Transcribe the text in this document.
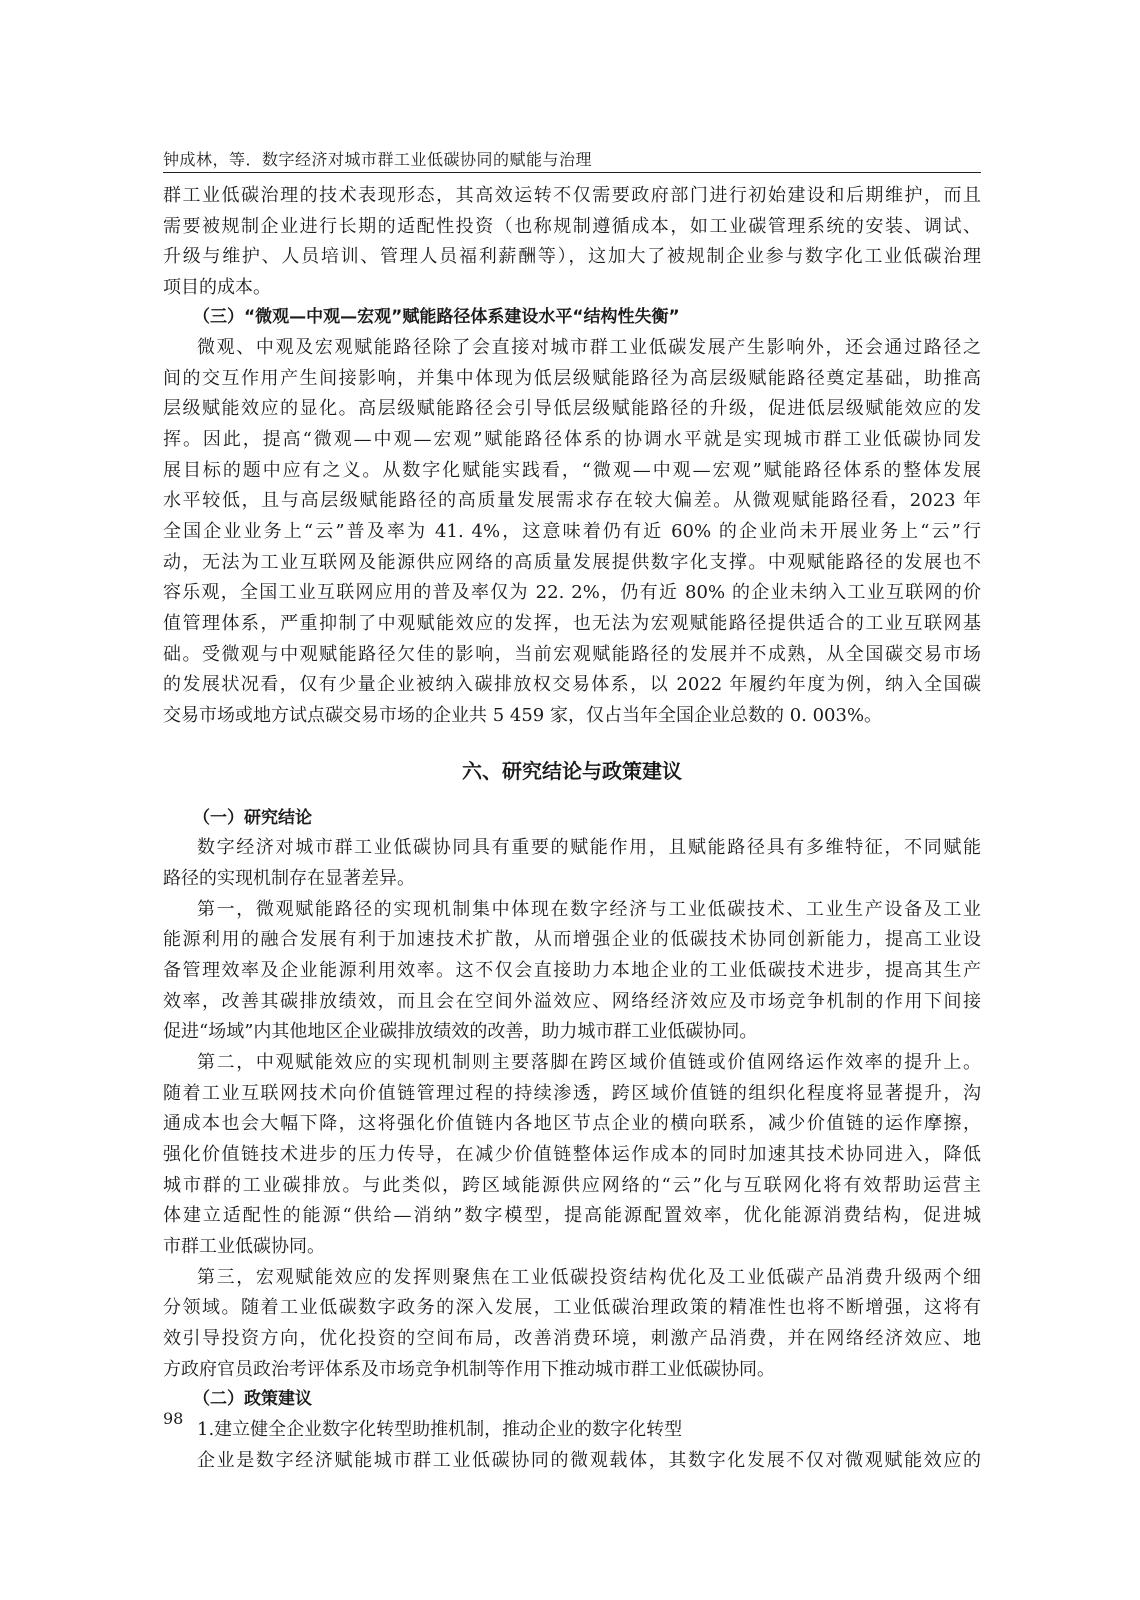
钟成林，等．数字经济对城市群工业低碳协同的赋能与治理
群工业低碳治理的技术表现形态，其高效运转不仅需要政府部门进行初始建设和后期维护，而且
需要被规制企业进行长期的适配性投资（也称规制遵循成本，如工业碳管理系统的安装、调试、
升级与维护、人员培训、管理人员福利薪酬等），这加大了被规制企业参与数字化工业低碳治理
项目的成本。
（三）“微观—中观—宏观”赋能路径体系建设水平“结构性失衡”
微观、中观及宏观赋能路径除了会直接对城市群工业低碳发展产生影响外，还会通过路径之
间的交互作用产生间接影响，并集中体现为低层级赋能路径为高层级赋能路径奠定基础，助推高
层级赋能效应的显化。高层级赋能路径会引导低层级赋能路径的升级，促进低层级赋能效应的发
挥。因此，提高“微观—中观—宏观”赋能路径体系的协调水平就是实现城市群工业低碳协同发
展目标的题中应有之义。从数字化赋能实践看，“微观—中观—宏观”赋能路径体系的整体发展
水平较低，且与高层级赋能路径的高质量发展需求存在较大偏差。从微观赋能路径看，2023 年
全国企业业务上“云”普及率为 41. 4%，这意味着仍有近 60% 的企业尚未开展业务上“云”行
动，无法为工业互联网及能源供应网络的高质量发展提供数字化支撑。中观赋能路径的发展也不
容乐观，全国工业互联网应用的普及率仅为 22. 2%，仍有近 80% 的企业未纳入工业互联网的价
值管理体系，严重抑制了中观赋能效应的发挥，也无法为宏观赋能路径提供适合的工业互联网基
础。受微观与中观赋能路径欠佳的影响，当前宏观赋能路径的发展并不成熟，从全国碳交易市场
的发展状况看，仅有少量企业被纳入碳排放权交易体系，以 2022 年履约年度为例，纳入全国碳
交易市场或地方试点碳交易市场的企业共 5 459 家，仅占当年全国企业总数的 0. 003%。
六、研究结论与政策建议
（一）研究结论
数字经济对城市群工业低碳协同具有重要的赋能作用，且赋能路径具有多维特征，不同赋能
路径的实现机制存在显著差异。
第一，微观赋能路径的实现机制集中体现在数字经济与工业低碳技术、工业生产设备及工业
能源利用的融合发展有利于加速技术扩散，从而增强企业的低碳技术协同创新能力，提高工业设
备管理效率及企业能源利用效率。这不仅会直接助力本地企业的工业低碳技术进步，提高其生产
效率，改善其碳排放绩效，而且会在空间外溢效应、网络经济效应及市场竞争机制的作用下间接
促进“场域”内其他地区企业碳排放绩效的改善，助力城市群工业低碳协同。
第二，中观赋能效应的实现机制则主要落脚在跨区域价值链或价值网络运作效率的提升上。
随着工业互联网技术向价值链管理过程的持续渗透，跨区域价值链的组织化程度将显著提升，沟
通成本也会大幅下降，这将强化价值链内各地区节点企业的横向联系，减少价值链的运作摩擦，
强化价值链技术进步的压力传导，在减少价值链整体运作成本的同时加速其技术协同进入，降低
城市群的工业碳排放。与此类似，跨区域能源供应网络的“云”化与互联网化将有效帮助运营主
体建立适配性的能源“供给—消纳”数字模型，提高能源配置效率，优化能源消费结构，促进城
市群工业低碳协同。
第三，宏观赋能效应的发挥则聚焦在工业低碳投资结构优化及工业低碳产品消费升级两个细
分领域。随着工业低碳数字政务的深入发展，工业低碳治理政策的精准性也将不断增强，这将有
效引导投资方向，优化投资的空间布局，改善消费环境，刺激产品消费，并在网络经济效应、地
方政府官员政治考评体系及市场竞争机制等作用下推动城市群工业低碳协同。
（二）政策建议
1.建立健全企业数字化转型助推机制，推动企业的数字化转型
企业是数字经济赋能城市群工业低碳协同的微观载体，其数字化发展不仅对微观赋能效应的
98
